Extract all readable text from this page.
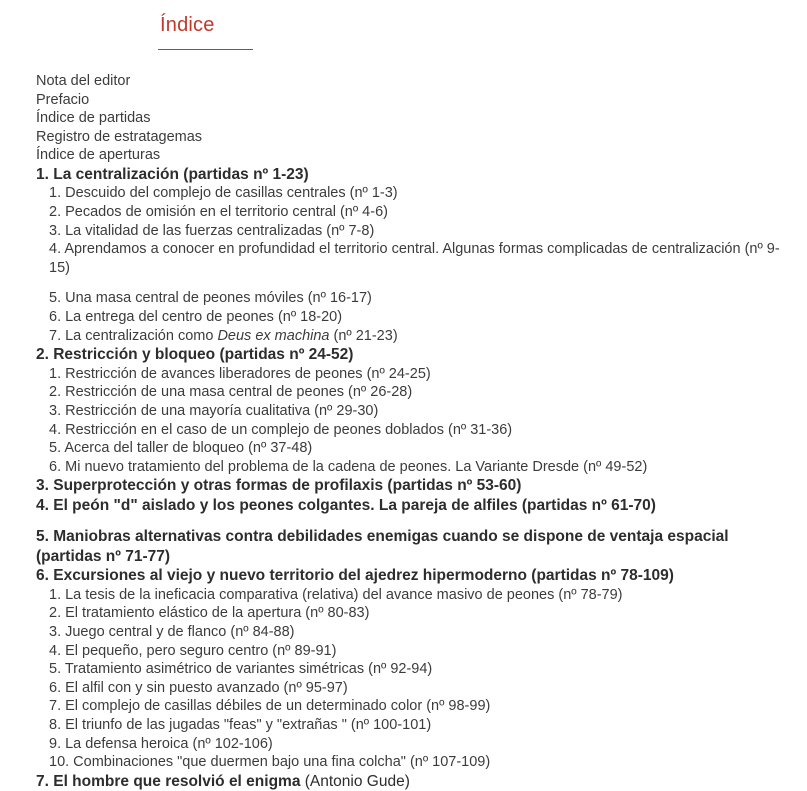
Índice
Nota del editor
Prefacio
Índice de partidas
Registro de estratagemas
Índice de aperturas
1. La centralización (partidas nº 1-23)
1. Descuido del complejo de casillas centrales (nº 1-3)
2. Pecados de omisión en el territorio central (nº 4-6)
3. La vitalidad de las fuerzas centralizadas (nº 7-8)
4. Aprendamos a conocer en profundidad el territorio central. Algunas formas complicadas de centralización (nº 9-15)
5. Una masa central de peones móviles (nº 16-17)
6. La entrega del centro de peones (nº 18-20)
7. La centralización como Deus ex machina (nº 21-23)
2. Restricción y bloqueo (partidas nº 24-52)
1. Restricción de avances liberadores de peones (nº 24-25)
2. Restricción de una masa central de peones (nº 26-28)
3. Restricción de una mayoría cualitativa (nº 29-30)
4. Restricción en el caso de un complejo de peones doblados (nº 31-36)
5. Acerca del taller de bloqueo (nº 37-48)
6. Mi nuevo tratamiento del problema de la cadena de peones. La Variante Dresde (nº 49-52)
3. Superprotección y otras formas de profilaxis (partidas nº 53-60)
4. El peón "d" aislado y los peones colgantes. La pareja de alfiles (partidas nº 61-70)
5. Maniobras alternativas contra debilidades enemigas cuando se dispone de ventaja espacial (partidas nº 71-77)
6. Excursiones al viejo y nuevo territorio del ajedrez hipermoderno (partidas nº 78-109)
1. La tesis de la ineficacia comparativa (relativa) del avance masivo de peones (nº 78-79)
2. El tratamiento elástico de la apertura (nº 80-83)
3. Juego central y de flanco (nº 84-88)
4. El pequeño, pero seguro centro (nº 89-91)
5. Tratamiento asimétrico de variantes simétricas (nº 92-94)
6. El alfil con y sin puesto avanzado (nº 95-97)
7. El complejo de casillas débiles de un determinado color (nº 98-99)
8. El triunfo de las jugadas "feas" y "extrañas " (nº 100-101)
9. La defensa heroica (nº 102-106)
10. Combinaciones "que duermen bajo una fina colcha" (nº 107-109)
7. El hombre que resolvió el enigma (Antonio Gude)
